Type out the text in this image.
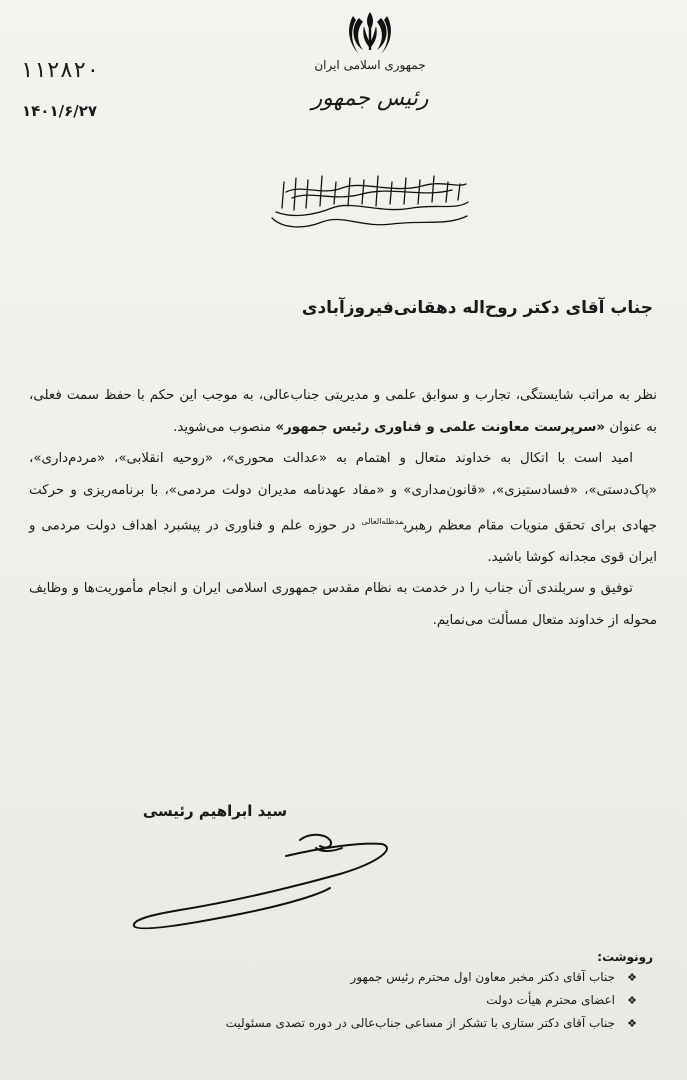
جمهوری اسلامی ایران
رئیس جمهور
۱۱۲۸۲۰
۱۴۰۱/۶/۲۷
جناب آقای دکتر روح‌اله دهقانی‌فیروزآبادی

نظر به مراتب شایستگی، تجارب و سوابق علمی و مدیریتی جناب‌عالی، به موجب این حکم با حفظ سمت فعلی، به عنوان «سرپرست معاونت علمی و فناوری رئیس جمهور» منصوب می‌شوید.

امید است با اتکال به خداوند متعال و اهتمام به «عدالت محوری»، «روحیه انقلابی»، «مردم‌داری»، «پاک‌دستی»، «فسادستیزی»، «قانون‌مداری» و «مفاد عهدنامه مدیران دولت مردمی»، با برنامه‌ریزی و حرکت جهادی برای تحقق منویات مقام معظم رهبری$^{مدظله‌العالی}$ در حوزه علم و فناوری در پیشبرد اهداف دولت مردمی و ایران قوی مجدانه کوشا باشید.

توفیق و سربلندی آن جناب را در خدمت به نظام مقدس جمهوری اسلامی ایران و انجام مأموریت‌ها و وظایف محوله از خداوند متعال مسألت می‌نمایم.

سید ابراهیم رئیسی
رونوشت:
❖
جناب آقای دکتر مخبر معاون اول محترم رئیس جمهور
❖
اعضای محترم هیأت دولت
❖
جناب آقای دکتر ستاری با تشکر از مساعی جناب‌عالی در دوره تصدی مسئولیت
